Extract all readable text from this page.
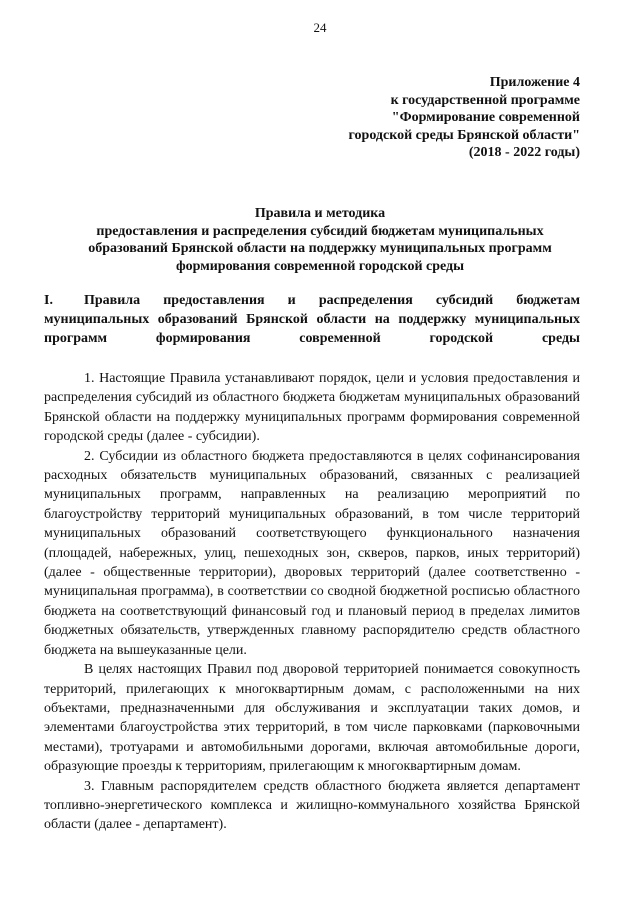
24
Приложение 4
к государственной программе
"Формирование современной
городской среды Брянской области"
(2018 - 2022 годы)
Правила и методика
предоставления и распределения субсидий бюджетам муниципальных
образований Брянской области на поддержку муниципальных программ
формирования современной городской среды
I. Правила предоставления и распределения субсидий бюджетам муниципальных образований Брянской области на поддержку муниципальных программ формирования современной городской среды

1. Настоящие Правила устанавливают порядок, цели и условия предоставления и распределения субсидий из областного бюджета бюджетам муниципальных образований Брянской области на поддержку муниципальных программ формирования современной городской среды (далее - субсидии).

2. Субсидии из областного бюджета предоставляются в целях софинансирования расходных обязательств муниципальных образований, связанных с реализацией муниципальных программ, направленных на реализацию мероприятий по благоустройству территорий муниципальных образований, в том числе территорий муниципальных образований соответствующего функционального назначения (площадей, набережных, улиц, пешеходных зон, скверов, парков, иных территорий) (далее - общественные территории), дворовых территорий (далее соответственно - муниципальная программа), в соответствии со сводной бюджетной росписью областного бюджета на соответствующий финансовый год и плановый период в пределах лимитов бюджетных обязательств, утвержденных главному распорядителю средств областного бюджета на вышеуказанные цели.

В целях настоящих Правил под дворовой территорией понимается совокупность территорий, прилегающих к многоквартирным домам, с расположенными на них объектами, предназначенными для обслуживания и эксплуатации таких домов, и элементами благоустройства этих территорий, в том числе парковками (парковочными местами), тротуарами и автомобильными дорогами, включая автомобильные дороги, образующие проезды к территориям, прилегающим к многоквартирным домам.

3. Главным распорядителем средств областного бюджета является департамент топливно-энергетического комплекса и жилищно-коммунального хозяйства Брянской области (далее - департамент).
